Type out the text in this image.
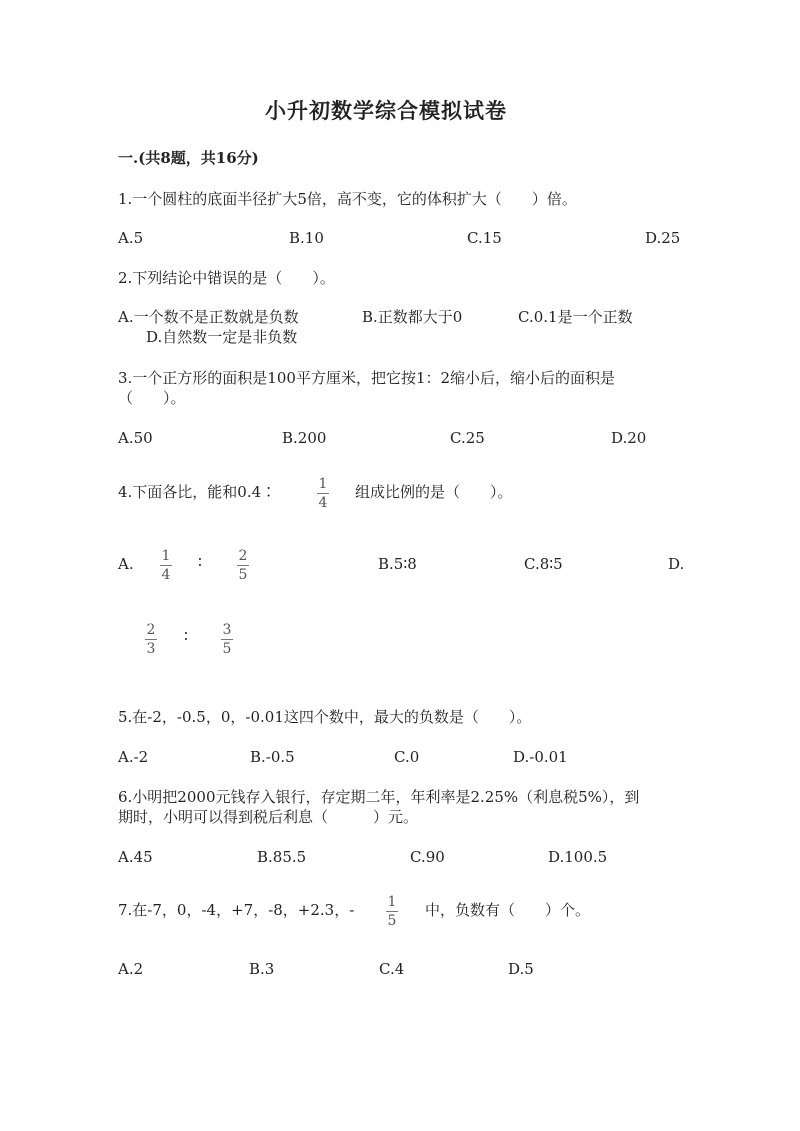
小升初数学综合模拟试卷
一.(共8题，共16分)
1.一个圆柱的底面半径扩大5倍，高不变，它的体积扩大（　　）倍。
A.5	B.10	C.15	D.25
2.下列结论中错误的是（　　）。
A.一个数不是正数就是负数	B.正数都大于0	C.0.1是一个正数
D.自然数一定是非负数
3.一个正方形的面积是100平方厘米，把它按1：2缩小后，缩小后的面积是
（　　）。
A.50	B.200	C.25	D.20
4.下面各比，能和0.4∶	1
4
组成比例的是（　　）。
A. 1
4
∶	2
5
B.5∶8	C.8∶5	D.
2
3
∶ 3
5
5.在-2，-0.5，0，-0.01这四个数中，最大的负数是（　　）。
A.-2	B.-0.5	C.0	D.-0.01
6.小明把2000元钱存入银行，存定期二年，年利率是2.25%（利息税5%），到
期时，小明可以得到税后利息（　　　）元。
A.45	B.85.5	C.90	D.100.5
7.在-7，0，-4，+7，-8，+2.3，- 1
5
中，负数有（　　）个。
A.2	B.3	C.4	D.5
